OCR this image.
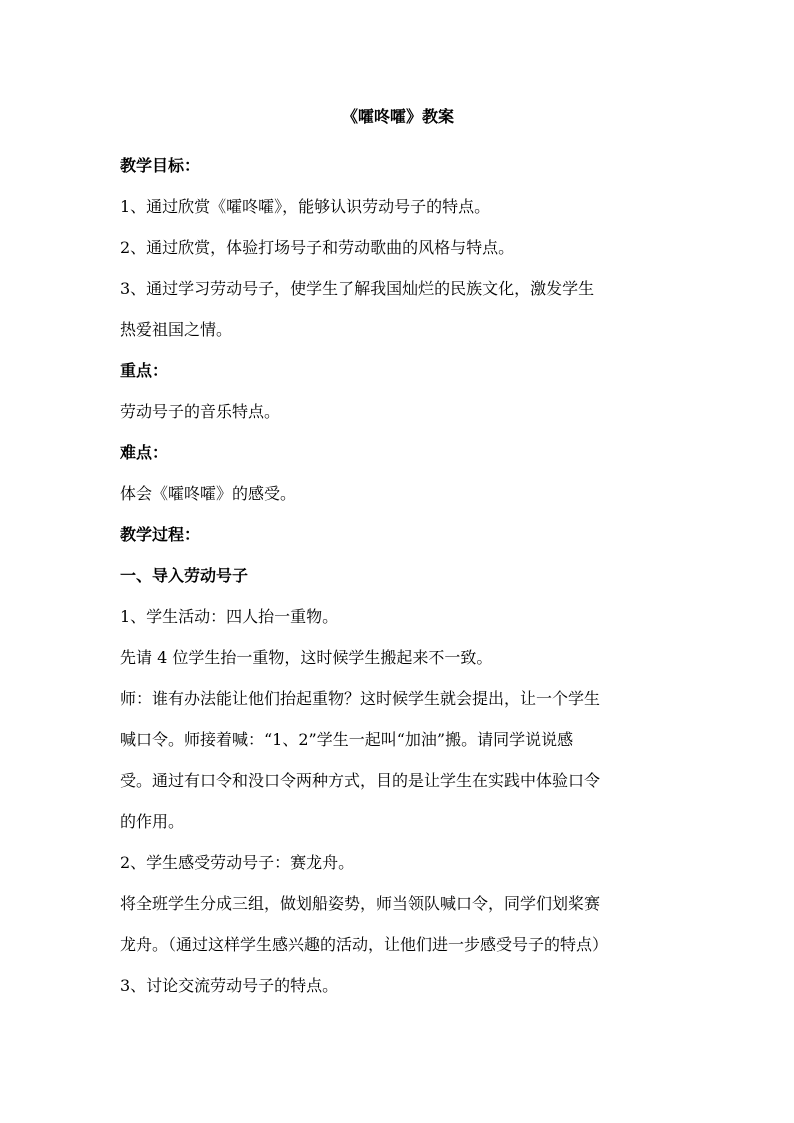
《嚯咚嚯》教案

教学目标：

1、通过欣赏《嚯咚嚯》，能够认识劳动号子的特点。

2、通过欣赏，体验打场号子和劳动歌曲的风格与特点。

3、通过学习劳动号子，使学生了解我国灿烂的民族文化，激发学生

热爱祖国之情。

重点：

劳动号子的音乐特点。

难点：

体会《嚯咚嚯》的感受。

教学过程：

一、导入劳动号子

1、学生活动：四人抬一重物。

先请 4 位学生抬一重物，这时候学生搬起来不一致。

师：谁有办法能让他们抬起重物？这时候学生就会提出，让一个学生

喊口令。师接着喊：“1、2”学生一起叫“加油”搬。请同学说说感

受。通过有口令和没口令两种方式，目的是让学生在实践中体验口令

的作用。

2、学生感受劳动号子：赛龙舟。

将全班学生分成三组，做划船姿势，师当领队喊口令，同学们划桨赛

龙舟。（通过这样学生感兴趣的活动，让他们进一步感受号子的特点）

3、讨论交流劳动号子的特点。
